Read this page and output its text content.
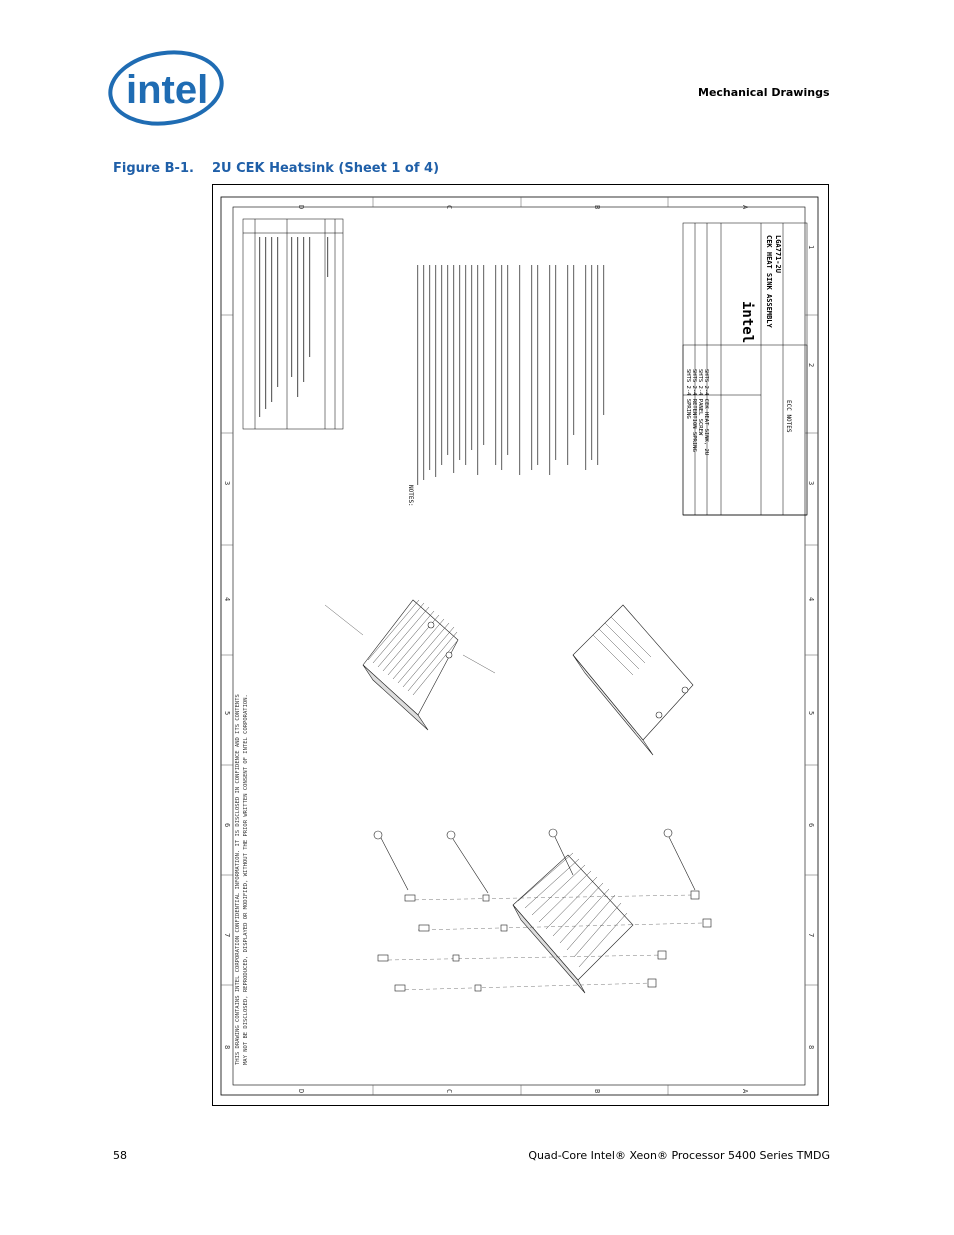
intel	Mechanical Drawings
Figure B-1. 2U CEK Heatsink (Sheet 1 of 4)
D	C	B	A
D	C	B	A
8
7
6
5
4
3
8
7
6
5
4
3
2
1
NOTES:
THIS DRAWING CONTAINS INTEL CORPORATION CONFIDENTIAL INFORMATION. IT IS DISCLOSED IN CONFIDENCE AND ITS CONTENTS MAY NOT BE DISCLOSED, REPRODUCED, DISPLAYED OR MODIFIED, WITHOUT THE PRIOR WRITTEN CONSENT OF INTEL CORPORATION.
SHTS 2-4 SPRING SHTS 2-4 RETENTION SPRING SHTS 2-4 PANEL SCREW SHTS 2-4 CEK HEAT SINK, 2U
intel CEK HEAT SINK ASSEMBLY LGA771-2U
ECC NOTES
58	Quad-Core Intel® Xeon® Processor 5400 Series TMDG
